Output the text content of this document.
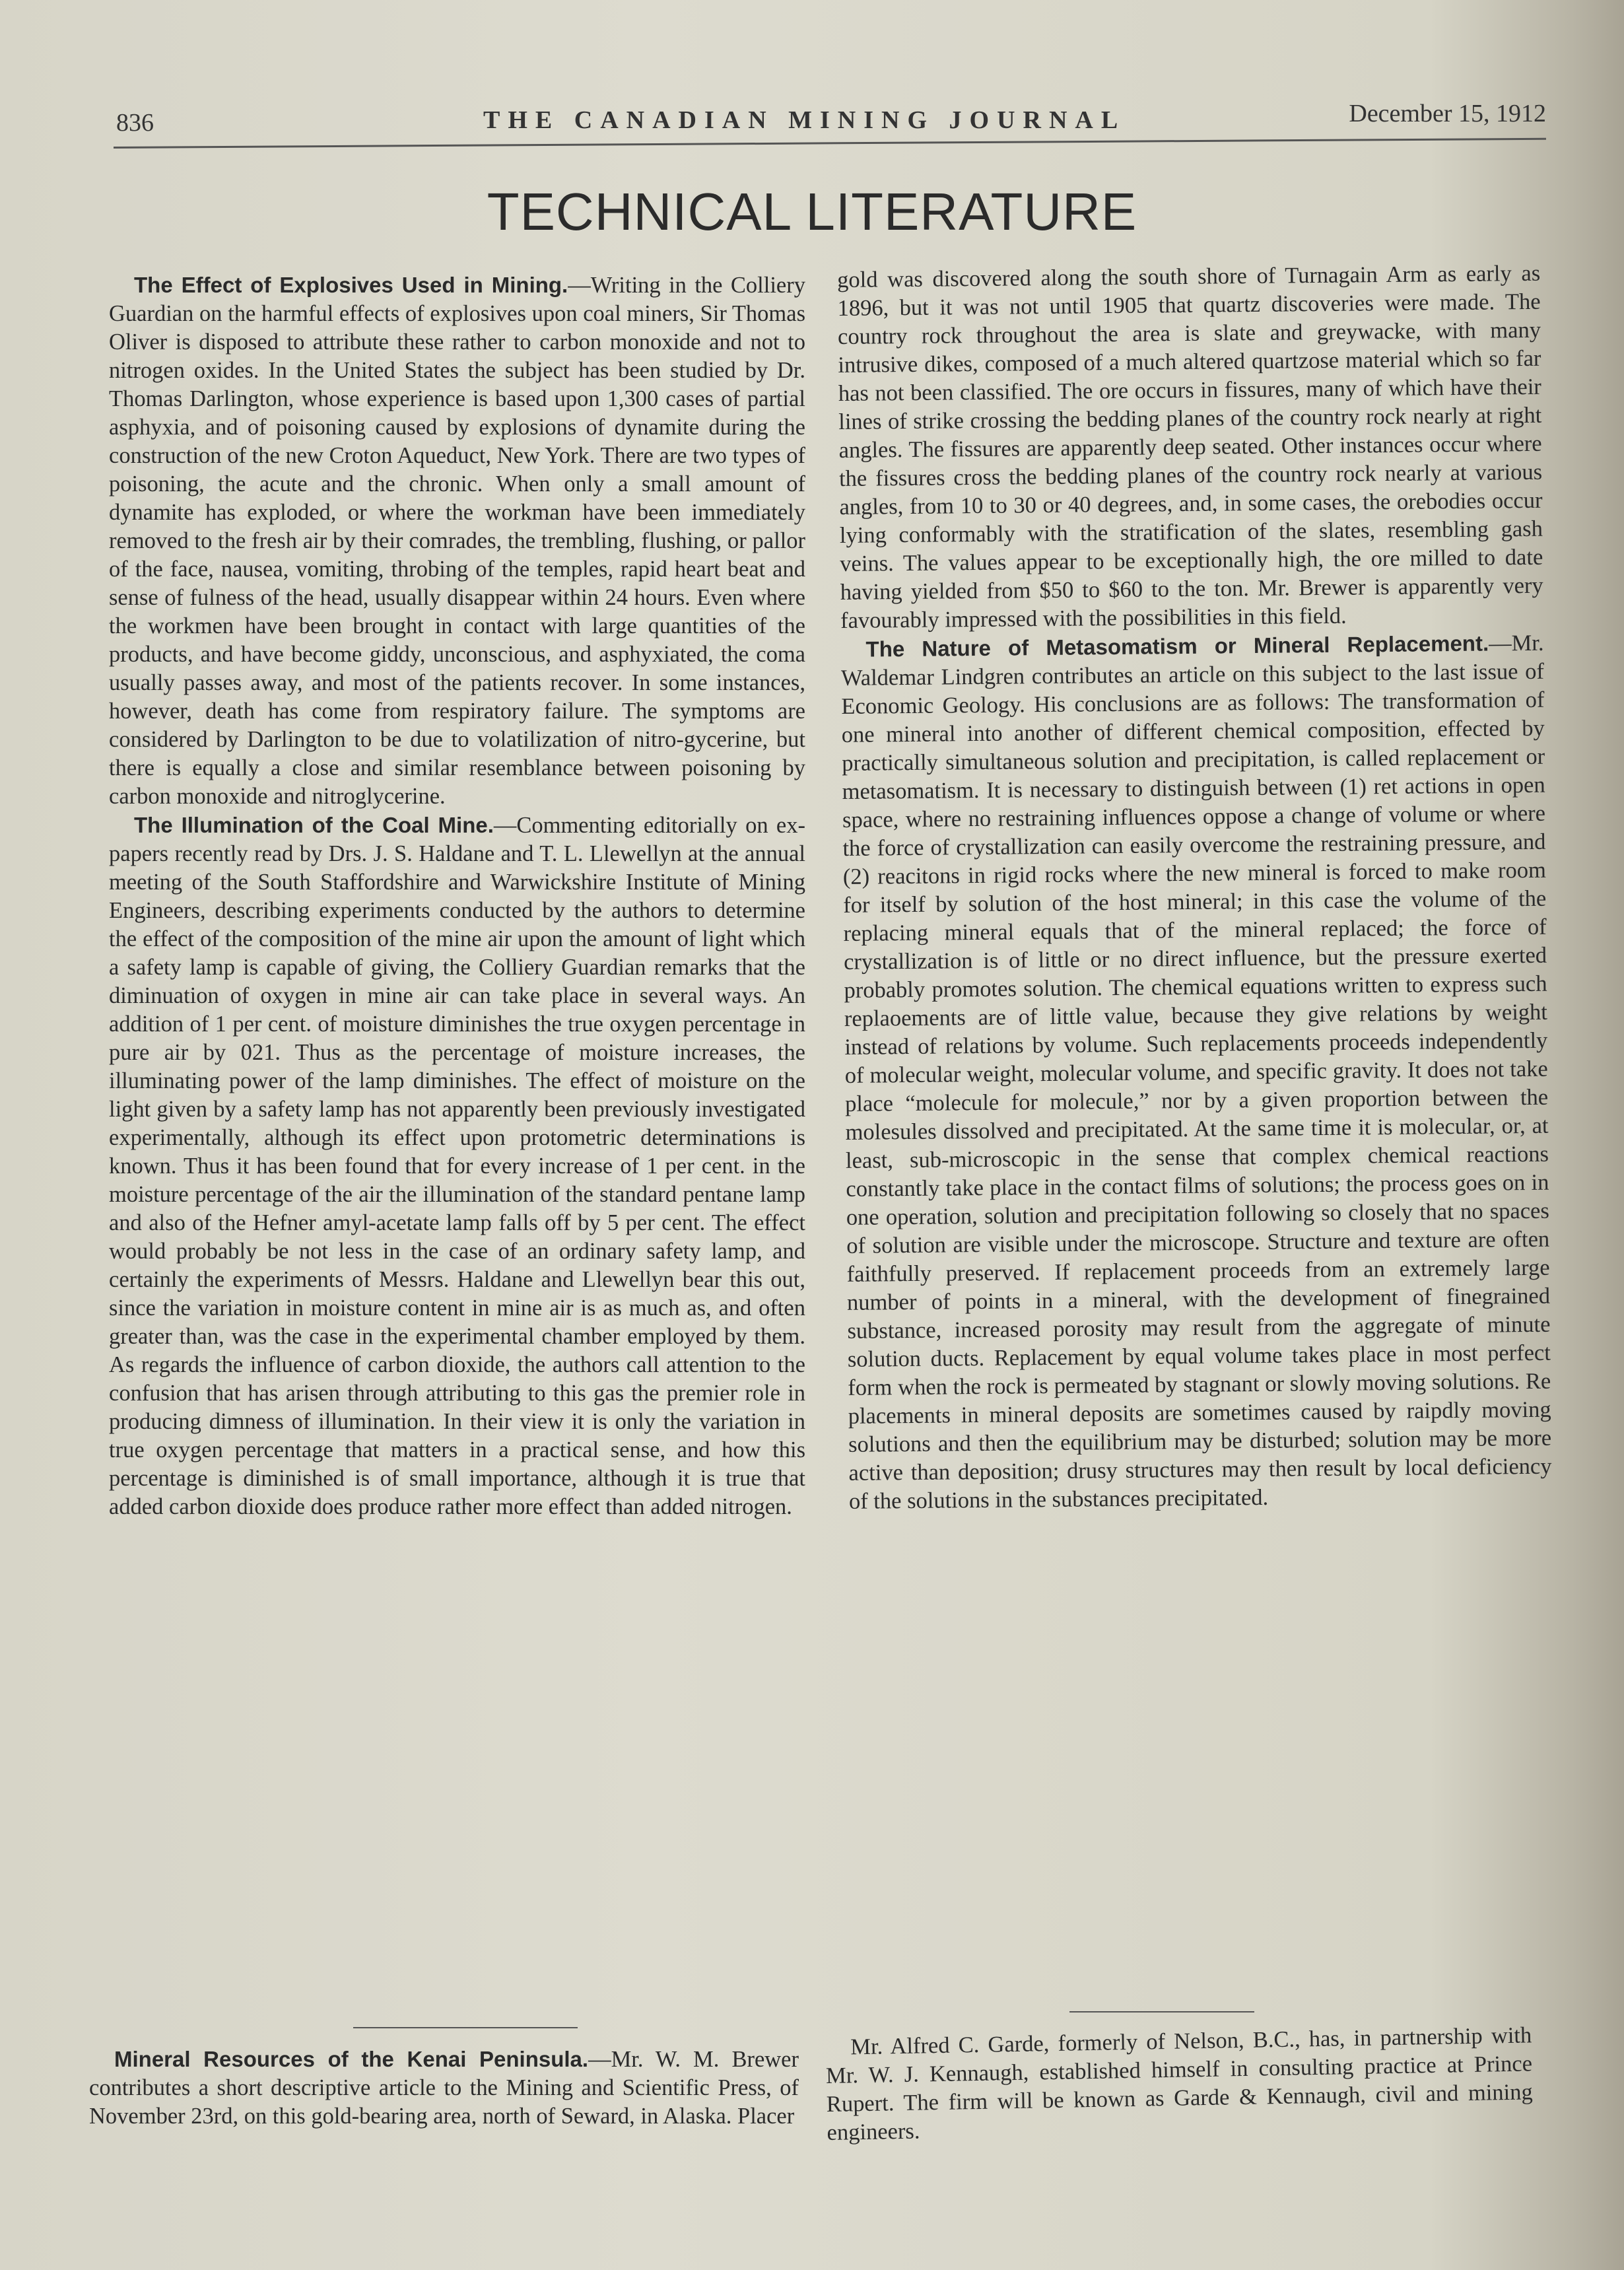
836	THE CANADIAN MINING JOURNAL	December 15, 1912
TECHNICAL LITERATURE

The Effect of Explosives Used in Mining.—Writing in the Colliery Guardian on the harmful effects of explosives upon coal miners, Sir Thomas Oliver is disposed to attribute these rather to carbon monoxide and not to nitrogen oxides. In the United States the subject has been studied by Dr. Thomas Darlington, whose experience is based upon 1,300 cases of partial asphyxia, and of poisoning caused by explosions of dynamite during the construction of the new Croton Aqueduct, New York. There are two types of poisoning, the acute and the chronic. When only a small amount of dynamite has exploded, or where the workman have been immediately removed to the fresh air by their comrades, the trembling, flushing, or pallor of the face, nausea, vomiting, throbing of the temples, rapid heart beat and sense of fulness of the head, usually disappear within 24 hours. Even where the workmen have been brought in contact with large quantities of the products, and have become giddy, unconscious, and asphyxiated, the coma usually passes away, and most of the patients recover. In some instances, however, death has come from respiratory failure. The symptoms are considered by Darlington to be due to volatilization of nitro-gycerine, but there is equally a close and similar resemblance between poisoning by carbon monoxide and nitroglycerine.

The Illumination of the Coal Mine.—Commenting editorially on ex-papers recently read by Drs. J. S. Haldane and T. L. Llewellyn at the annual meeting of the South Staffordshire and Warwickshire Institute of Mining Engineers, describing experiments conducted by the authors to determine the effect of the composition of the mine air upon the amount of light which a safety lamp is capable of giving, the Colliery Guardian remarks that the diminuation of oxygen in mine air can take place in several ways. An addition of 1 per cent. of moisture diminishes the true oxygen percentage in pure air by 021. Thus as the percentage of moisture increases, the illuminating power of the lamp diminishes. The effect of moisture on the light given by a safety lamp has not apparently been previously investigated experimentally, although its effect upon protometric determinations is known. Thus it has been found that for every increase of 1 per cent. in the moisture percentage of the air the illumination of the standard pentane lamp and also of the Hefner amyl-acetate lamp falls off by 5 per cent. The effect would probably be not less in the case of an ordinary safety lamp, and certainly the experiments of Messrs. Haldane and Llewellyn bear this out, since the variation in moisture content in mine air is as much as, and often greater than, was the case in the experimental chamber employed by them. As regards the influence of carbon dioxide, the authors call attention to the confusion that has arisen through attributing to this gas the premier role in producing dimness of illumination. In their view it is only the variation in true oxygen percentage that matters in a practical sense, and how this percentage is diminished is of small importance, although it is true that added carbon dioxide does produce rather more effect than added nitrogen.

Mineral Resources of the Kenai Peninsula.—Mr. W. M. Brewer contributes a short descriptive article to the Mining and Scientific Press, of November 23rd, on this gold-bearing area, north of Seward, in Alaska. Placer

gold was discovered along the south shore of Turnagain Arm as early as 1896, but it was not until 1905 that quartz discoveries were made. The country rock throughout the area is slate and greywacke, with many intrusive dikes, composed of a much altered quartzose material which so far has not been classified. The ore occurs in fissures, many of which have their lines of strike crossing the bedding planes of the country rock nearly at right angles. The fissures are apparently deep seated. Other instances occur where the fissures cross the bedding planes of the country rock nearly at various angles, from 10 to 30 or 40 degrees, and, in some cases, the orebodies occur lying conformably with the stratification of the slates, resembling gash veins. The values appear to be exceptionally high, the ore milled to date having yielded from $50 to $60 to the ton. Mr. Brewer is apparently very favourably impressed with the possibilities in this field.

The Nature of Metasomatism or Mineral Replacement.—Mr. Waldemar Lindgren contributes an article on this subject to the last issue of Economic Geology. His conclusions are as follows: The transformation of one mineral into another of different chemical composition, effected by practically simultaneous solution and precipitation, is called replacement or metasomatism. It is necessary to distinguish between (1) ret actions in open space, where no restraining influences oppose a change of volume or where the force of crystallization can easily overcome the restraining pressure, and (2) reacitons in rigid rocks where the new mineral is forced to make room for itself by solution of the host mineral; in this case the volume of the replacing mineral equals that of the mineral replaced; the force of crystallization is of little or no direct influence, but the pressure exerted probably promotes solution. The chemical equations written to express such replaoements are of little value, because they give relations by weight instead of relations by volume. Such replacements proceeds independently of molecular weight, molecular volume, and specific gravity. It does not take place “molecule for molecule,” nor by a given proportion between the molesules dissolved and precipitated. At the same time it is molecular, or, at least, sub-microscopic in the sense that complex chemical reactions constantly take place in the contact films of solutions; the process goes on in one operation, solution and precipitation following so closely that no spaces of solution are visible under the microscope. Structure and texture are often faithfully preserved. If replacement proceeds from an extremely large number of points in a mineral, with the development of finegrained substance, increased porosity may result from the aggregate of minute solution ducts. Replacement by equal volume takes place in most perfect form when the rock is permeated by stagnant or slowly moving solutions. Re placements in mineral deposits are sometimes caused by raipdly moving solutions and then the equilibrium may be disturbed; solution may be more active than deposition; drusy structures may then result by local deficiency of the solutions in the substances precipitated.

Mr. Alfred C. Garde, formerly of Nelson, B.C., has, in partnership with Mr. W. J. Kennaugh, established himself in consulting practice at Prince Rupert. The firm will be known as Garde & Kennaugh, civil and mining engineers.
